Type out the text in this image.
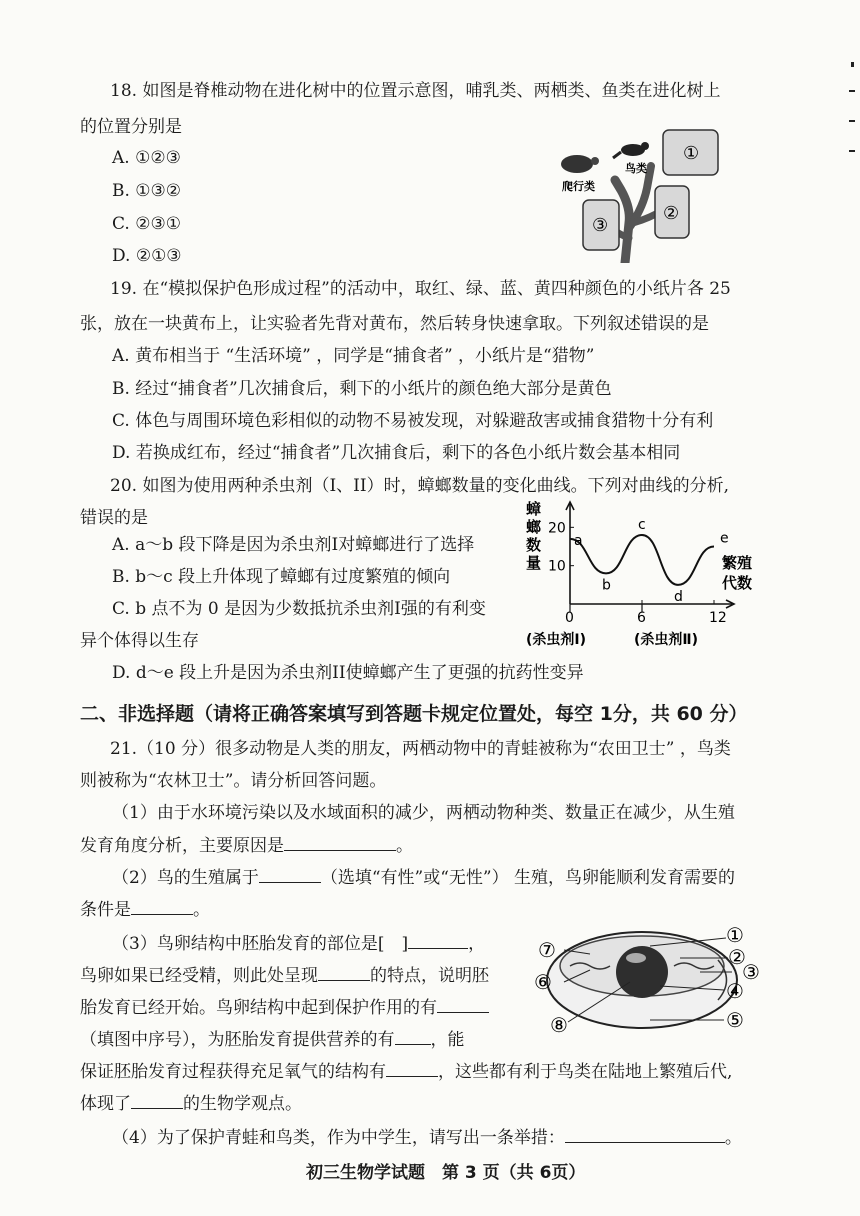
18. 如图是脊椎动物在进化树中的位置示意图，哺乳类、两栖类、鱼类在进化树上
的位置分别是
A. ①②③
B. ①③②
C. ②③①
D. ②①③
爬行类
鸟类
①
②
③
19. 在“模拟保护色形成过程”的活动中，取红、绿、蓝、黄四种颜色的小纸片各 25
张，放在一块黄布上，让实验者先背对黄布，然后转身快速拿取。下列叙述错误的是
A. 黄布相当于 “生活环境” ，同学是“捕食者” ，小纸片是“猎物”
B. 经过“捕食者”几次捕食后，剩下的小纸片的颜色绝大部分是黄色
C. 体色与周围环境色彩相似的动物不易被发现，对躲避敌害或捕食猎物十分有利
D. 若换成红布，经过“捕食者”几次捕食后，剩下的各色小纸片数会基本相同
20. 如图为使用两种杀虫剂（I、II）时，蟑螂数量的变化曲线。下列对曲线的分析,
错误的是
A. a～b 段下降是因为杀虫剂I对蟑螂进行了选择
B. b～c 段上升体现了蟑螂有过度繁殖的倾向
C. b 点不为 0 是因为少数抵抗杀虫剂I强的有利变
异个体得以生存
D. d～e 段上升是因为杀虫剂II使蟑螂产生了更强的抗药性变异
蟑
螂
数
量	繁殖
代数
10
20
0	6	12
a
b
c
d
e
(杀虫剂Ⅰ)	(杀虫剂Ⅱ)
二、非选择题（请将正确答案填写到答题卡规定位置处，每空 1分，共 60 分）
21.（10 分）很多动物是人类的朋友，两栖动物中的青蛙被称为“农田卫士” ，鸟类
则被称为“农林卫士”。请分析回答问题。
（1）由于水环境污染以及水域面积的减少，两栖动物种类、数量正在减少，从生殖
发育角度分析，主要原因是	。
（2）鸟的生殖属于	（选填“有性”或“无性”） 生殖，鸟卵能顺利发育需要的
条件是	。
（3）鸟卵结构中胚胎发育的部位是[　]	，
鸟卵如果已经受精，则此处呈现	的特点，说明胚
胎发育已经开始。鸟卵结构中起到保护作用的有
（填图中序号），为胚胎发育提供营养的有 ，能
保证胚胎发育过程获得充足氧气的结构有	，这些都有利于鸟类在陆地上繁殖后代,
体现了	的生物学观点。
（4）为了保护青蛙和鸟类，作为中学生，请写出一条举措：	。
①
②
③
④
⑤
⑥
⑦
⑧
初三生物学试题　第 3 页（共 6页）
